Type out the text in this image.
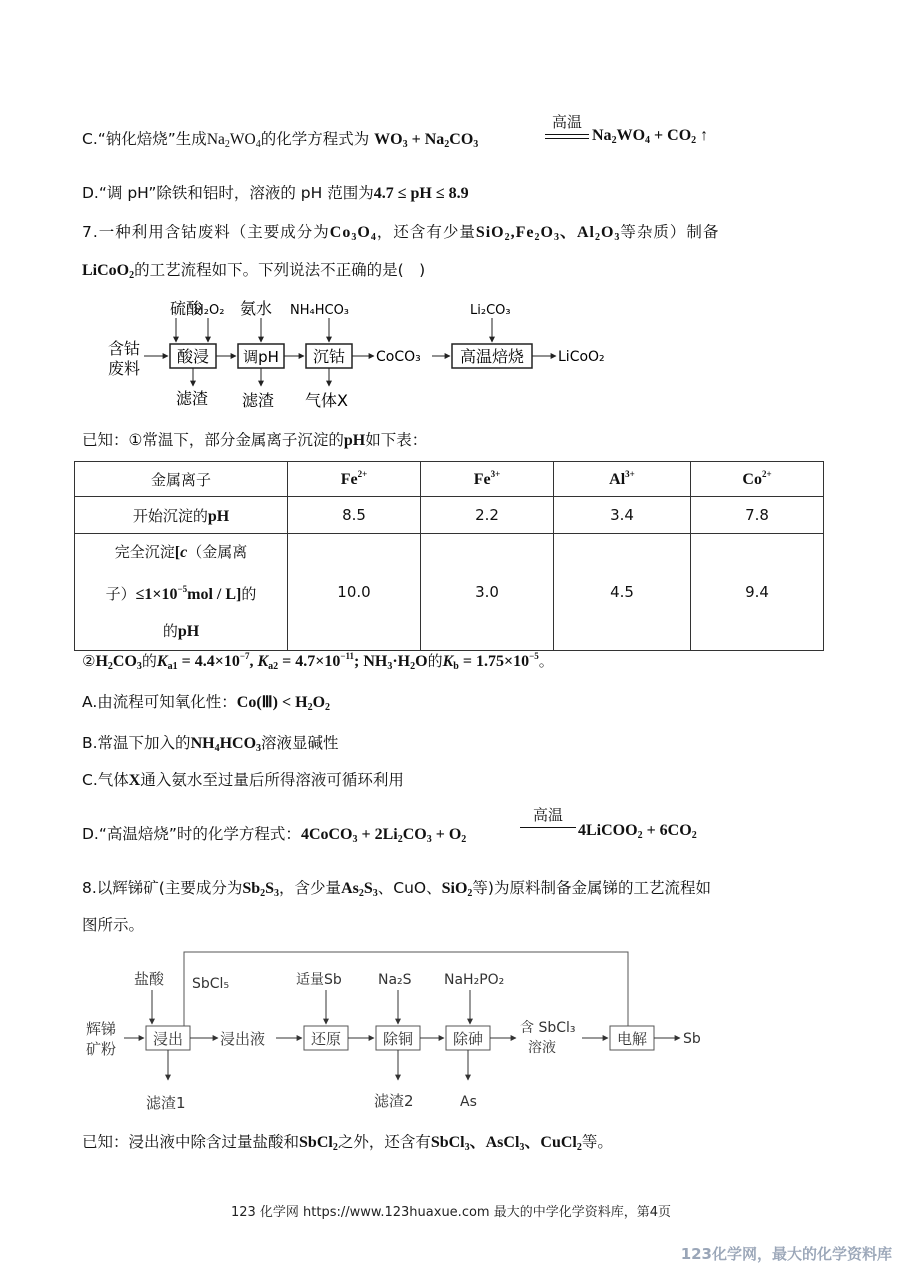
C.“钠化焙烧”生成$Na_2WO_4$的化学方程式为 $WO_3 + Na_2CO_3$
高温
$Na_2WO_4 + CO_2$ ↑
D.“调 pH”除铁和铝时，溶液的 pH 范围为4.7 ≤ pH ≤ 8.9
7.一种利用含钴废料（主要成分为$Co_3O_4$，还含有少量$SiO_2,Fe_2O_3$、$Al_2O_3$等杂质）制备
LiCoO$_2$的工艺流程如下。下列说法不正确的是(　)
含钴
废料
酸浸 调pH 沉钴 CoCO₃ 高温焙烧 LiCoO₂
硫酸
H₂O₂ 氨水 NH₄HCO₃	Li₂CO₃
滤渣 滤渣 气体X
已知：①常温下，部分金属离子沉淀的pH如下表：
金属离子	$Fe^{2+}$	$Fe^{3+}$	$Al^{3+}$	$Co^{2+}$
开始沉淀的pH	8.5	2.2	3.4	7.8
完全沉淀[c（金属离
子）$\le 1\times 10^{-5}mol / L$]的
的pH	10.0	3.0	4.5	9.4
$②H_2CO_3$的$K_{a1} = 4.4\times 10^{-7}$, $K_{a2} = 4.7\times 10^{-11}$; $NH_3\cdot H_2O$的$K_b = 1.75\times 10^{-5}$。
A.由流程可知氧化性：Co(Ⅲ) < $H_2O_2$
B.常温下加入的$NH_4HCO_3$溶液显碱性
C.气体X通入氨水至过量后所得溶液可循环利用
D.“高温焙烧”时的化学方程式：4CoCO$_3$ + $2Li_2CO_3 + O_2$
高温
4LiCOO$_2$ + $6CO_2$
8.以辉锑矿(主要成分为$Sb_2S_3$，含少量$As_2S_3$、CuO、SiO$_2$等)为原料制备金属锑的工艺流程如
图所示。
辉锑
矿粉
浸出 浸出液	还原	除铜	除砷
含 SbCl₃
溶液	电解	Sb
盐酸 SbCl₅	适量Sb	Na₂S NaH₂PO₂
滤渣1	滤渣2	As
已知：浸出液中除含过量盐酸和SbCl$_2$之外，还含有SbCl$_3$、AsCl$_3$、CuCl$_2$等。
123 化学网 https://www.123huaxue.com 最大的中学化学资料库，第4页
123化学网，最大的化学资料库
